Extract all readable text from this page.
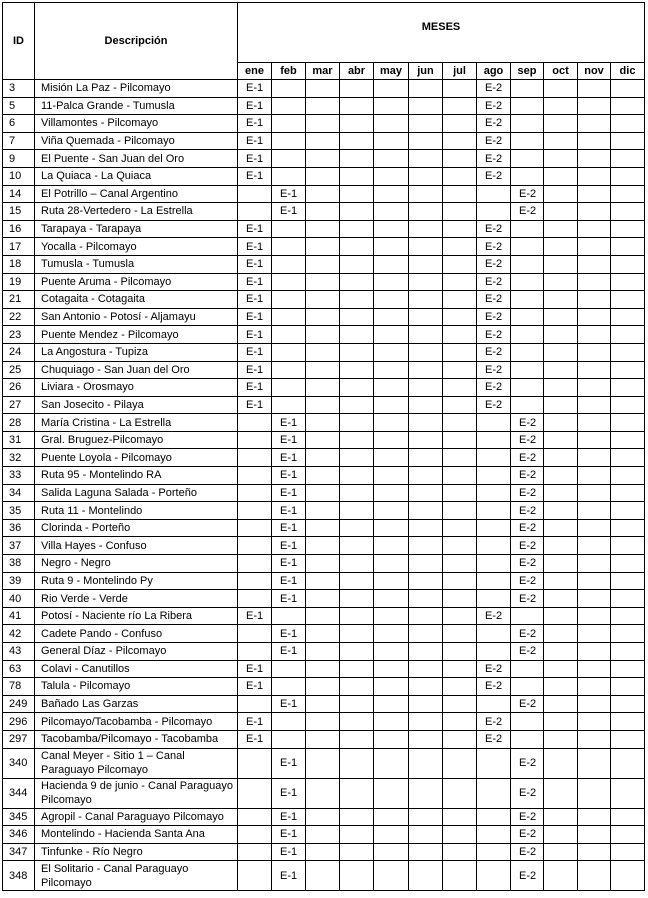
ID	Descripción	MESES											
		ene	feb	mar	abr	may	jun	jul	ago	sep	oct	nov	dic
3	Misión La Paz - Pilcomayo	E-1							E-2				
5	11-Palca Grande - Tumusla	E-1							E-2				
6	Villamontes - Pilcomayo	E-1							E-2				
7	Viña Quemada - Pilcomayo	E-1							E-2				
9	El Puente - San Juan del Oro	E-1							E-2				
10	La Quiaca - La Quiaca	E-1							E-2				
14	El Potrillo – Canal Argentino		E-1							E-2			
15	Ruta 28-Vertedero - La Estrella		E-1							E-2			
16	Tarapaya - Tarapaya	E-1							E-2				
17	Yocalla - Pilcomayo	E-1							E-2				
18	Tumusla - Tumusla	E-1							E-2				
19	Puente Aruma - Pilcomayo	E-1							E-2				
21	Cotagaita - Cotagaita	E-1							E-2				
22	San Antonio - Potosí - Aljamayu	E-1							E-2				
23	Puente Mendez - Pilcomayo	E-1							E-2				
24	La Angostura - Tupiza	E-1							E-2				
25	Chuquiago - San Juan del Oro	E-1							E-2				
26	Liviara - Orosmayo	E-1							E-2				
27	San Josecito - Pilaya	E-1							E-2				
28	María Cristina - La Estrella		E-1							E-2			
31	Gral. Bruguez-Pilcomayo		E-1							E-2			
32	Puente Loyola - Pilcomayo		E-1							E-2			
33	Ruta 95 - Montelindo RA		E-1							E-2			
34	Salida Laguna Salada - Porteño		E-1							E-2			
35	Ruta 11 - Montelindo		E-1							E-2			
36	Clorinda - Porteño		E-1							E-2			
37	Villa Hayes - Confuso		E-1							E-2			
38	Negro - Negro		E-1							E-2			
39	Ruta 9 - Montelindo Py		E-1							E-2			
40	Rio Verde - Verde		E-1							E-2			
41	Potosí - Naciente río La Ribera	E-1							E-2				
42	Cadete Pando - Confuso		E-1							E-2			
43	General Díaz - Pilcomayo		E-1							E-2			
63	Colavi - Canutillos	E-1							E-2				
78	Talula - Pilcomayo	E-1							E-2				
249	Bañado Las Garzas		E-1							E-2			
296	Pilcomayo/Tacobamba - Pilcomayo	E-1							E-2				
297	Tacobamba/Pilcomayo - Tacobamba	E-1							E-2				
340	Canal Meyer - Sitio 1 – Canal Paraguayo Pilcomayo		E-1							E-2			
344	Hacienda 9 de junio - Canal Paraguayo Pilcomayo		E-1							E-2			
345	Agropil - Canal Paraguayo Pilcomayo		E-1							E-2			
346	Montelindo - Hacienda Santa Ana		E-1							E-2			
347	Tinfunke - Río Negro		E-1							E-2			
348	El Solitario - Canal Paraguayo Pilcomayo		E-1							E-2			
